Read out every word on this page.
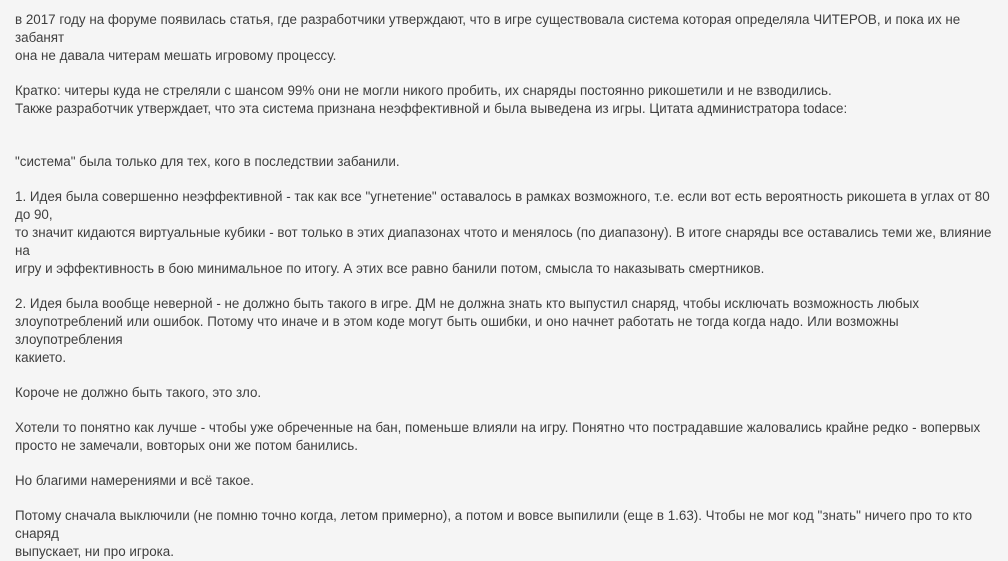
в 2017 году на форуме появилась статья, где разработчики утверждают, что в игре существовала система которая определяла ЧИТЕРОВ, и пока их не забанят
она не давала читерам мешать игровому процессу.

Кратко: читеры куда не стреляли с шансом 99% они не могли никого пробить, их снаряды постоянно рикошетили и не взводились.
Также разработчик утверждает, что эта система признана неэффективной и была выведена из игры. Цитата администратора todace:

"система" была только для тех, кого в последствии забанили.

1. Идея была совершенно неэффективной - так как все "угнетение" оставалось в рамках возможного, т.е. если вот есть вероятность рикошета в углах от 80 до 90,
то значит кидаются виртуальные кубики - вот только в этих диапазонах чтото и менялось (по диапазону). В итоге снаряды все оставались теми же, влияние на
игру и эффективность в бою минимальное по итогу. А этих все равно банили потом, смысла то наказывать смертников.

2. Идея была вообще неверной - не должно быть такого в игре. ДМ не должна знать кто выпустил снаряд, чтобы исключать возможность любых
злоупотреблений или ошибок. Потому что иначе и в этом коде могут быть ошибки, и оно начнет работать не тогда когда надо. Или возможны злоупотребления
какието.

Короче не должно быть такого, это зло.

Хотели то понятно как лучше - чтобы уже обреченные на бан, поменьше влияли на игру. Понятно что пострадавшие жаловались крайне редко - вопервых
просто не замечали, вовторых они же потом банились.

Но благими намерениями и всё такое.

Потому сначала выключили (не помню точно когда, летом примерно), а потом и вовсе выпилили (еще в 1.63). Чтобы не мог код "знать" ничего про то кто снаряд
выпускает, ни про игрока.
